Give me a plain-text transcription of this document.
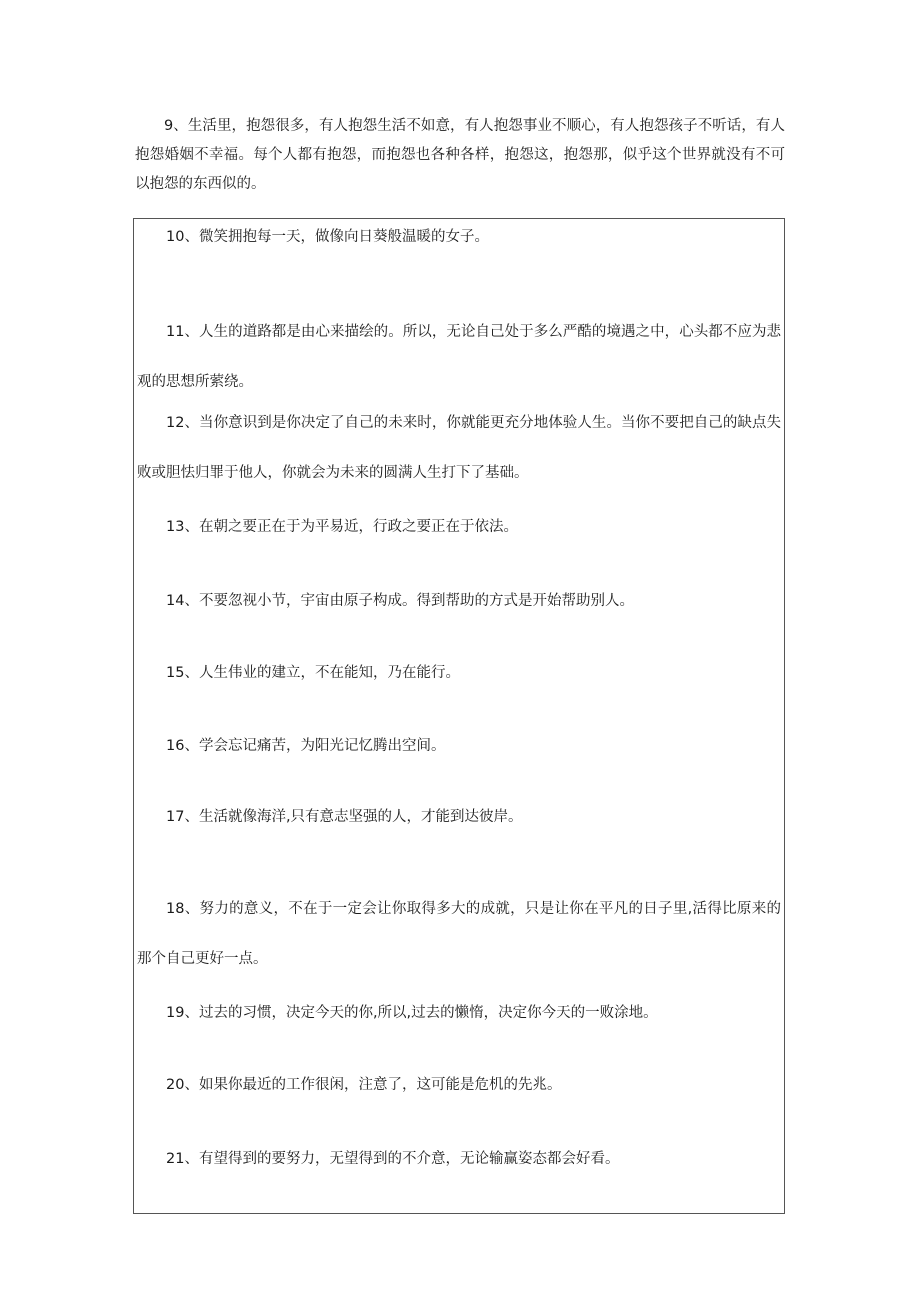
9、生活里，抱怨很多，有人抱怨生活不如意，有人抱怨事业不顺心，有人抱怨孩子不听话，有人抱怨婚姻不幸福。每个人都有抱怨，而抱怨也各种各样，抱怨这，抱怨那，似乎这个世界就没有不可以抱怨的东西似的。

10、微笑拥抱每一天，做像向日葵般温暖的女子。

11、人生的道路都是由心来描绘的。所以，无论自己处于多么严酷的境遇之中，心头都不应为悲观的思想所萦绕。

12、当你意识到是你决定了自己的未来时，你就能更充分地体验人生。当你不要把自己的缺点失败或胆怯归罪于他人，你就会为未来的圆满人生打下了基础。

13、在朝之要正在于为平易近，行政之要正在于依法。

14、不要忽视小节，宇宙由原子构成。得到帮助的方式是开始帮助别人。

15、人生伟业的建立，不在能知，乃在能行。

16、学会忘记痛苦，为阳光记忆腾出空间。

17、生活就像海洋,只有意志坚强的人，才能到达彼岸。

18、努力的意义，不在于一定会让你取得多大的成就，只是让你在平凡的日子里,活得比原来的那个自己更好一点。

19、过去的习惯，决定今天的你,所以,过去的懒惰，决定你今天的一败涂地。

20、如果你最近的工作很闲，注意了，这可能是危机的先兆。

21、有望得到的要努力，无望得到的不介意，无论输赢姿态都会好看。
